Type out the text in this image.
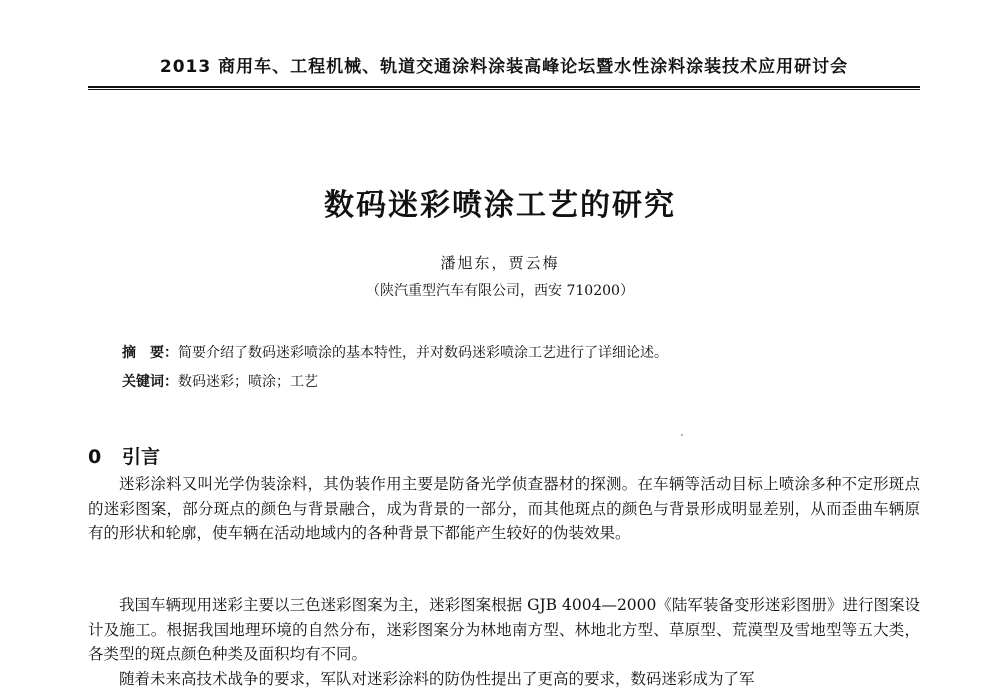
2013 商用车、工程机械、轨道交通涂料涂装高峰论坛暨水性涂料涂装技术应用研讨会
数码迷彩喷涂工艺的研究
潘旭东，贾云梅
（陕汽重型汽车有限公司，西安 710200）
摘　要：简要介绍了数码迷彩喷涂的基本特性，并对数码迷彩喷涂工艺进行了详细论述。
关键词：数码迷彩；喷涂；工艺
0 引言

迷彩涂料又叫光学伪装涂料，其伪装作用主要是防备光学侦查器材的探测。在车辆等活动目标上喷涂多种不定形斑点的迷彩图案，部分斑点的颜色与背景融合，成为背景的一部分，而其他斑点的颜色与背景形成明显差别，从而歪曲车辆原有的形状和轮廓，使车辆在活动地域内的各种背景下都能产生较好的伪装效果。

我国车辆现用迷彩主要以三色迷彩图案为主，迷彩图案根据 GJB 4004—2000《陆军装备变形迷彩图册》进行图案设计及施工。根据我国地理环境的自然分布，迷彩图案分为林地南方型、林地北方型、草原型、荒漠型及雪地型等五大类，各类型的斑点颜色种类及面积均有不同。

随着未来高技术战争的要求，军队对迷彩涂料的防伪性提出了更高的要求，数码迷彩成为了军
